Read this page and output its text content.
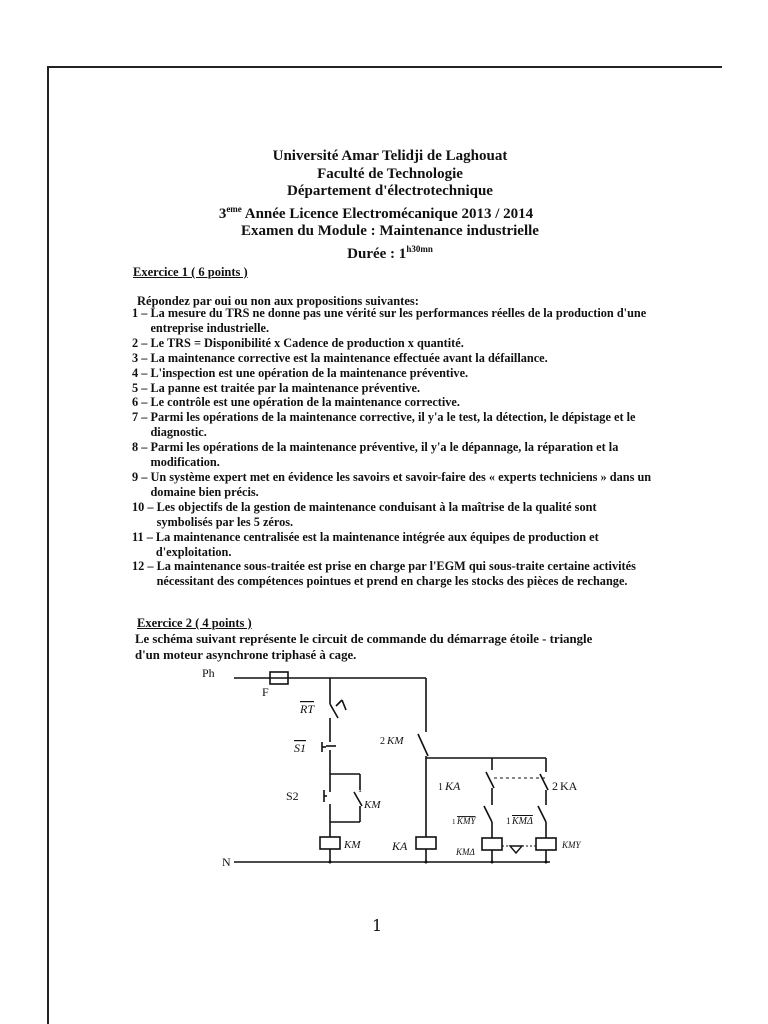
Université Amar Telidji de Laghouat
Faculté de Technologie
Département d'électrotechnique
3eme Année Licence Electromécanique 2013 / 2014
Examen du Module : Maintenance industrielle
Durée : $1^{h30mn}$
Exercice 1 ( 6 points )
Répondez par oui ou non aux propositions suivantes:
1 – La mesure du TRS ne donne pas une vérité sur les performances réelles de la production d'une entreprise industrielle.
2 – Le TRS = Disponibilité x Cadence de production x quantité.
3 – La maintenance corrective est la maintenance effectuée avant la défaillance.
4 – L'inspection est une opération de la maintenance préventive.
5 – La panne est traitée par la maintenance préventive.
6 – Le contrôle est une opération de la maintenance corrective.
7 – Parmi les opérations de la maintenance corrective, il y'a le test, la détection, le dépistage et le diagnostic.
8 – Parmi les opérations de la maintenance préventive, il y'a le dépannage, la réparation et la modification.
9 – Un système expert met en évidence les savoirs et savoir-faire des « experts techniciens » dans un domaine bien précis.
10 – Les objectifs de la gestion de maintenance conduisant à la maîtrise de la qualité sont symbolisés par les 5 zéros.
11 – La maintenance centralisée est la maintenance intégrée aux équipes de production et d'exploitation.
12 – La maintenance sous-traitée est prise en charge par l'EGM qui sous-traite certaine activités nécessitant des compétences pointues et prend en charge les stocks des pièces de rechange.
Exercice 2 ( 4 points )
Le schéma suivant représente le circuit de commande du démarrage étoile - triangle
d'un moteur asynchrone triphasé à cage.
Ph
F
RT
S1
S2	1
KM
KM
2 KM
KA
1 KA	2 KA
1 KMY	1 KMΔ
KMΔ
KMY
N
1
